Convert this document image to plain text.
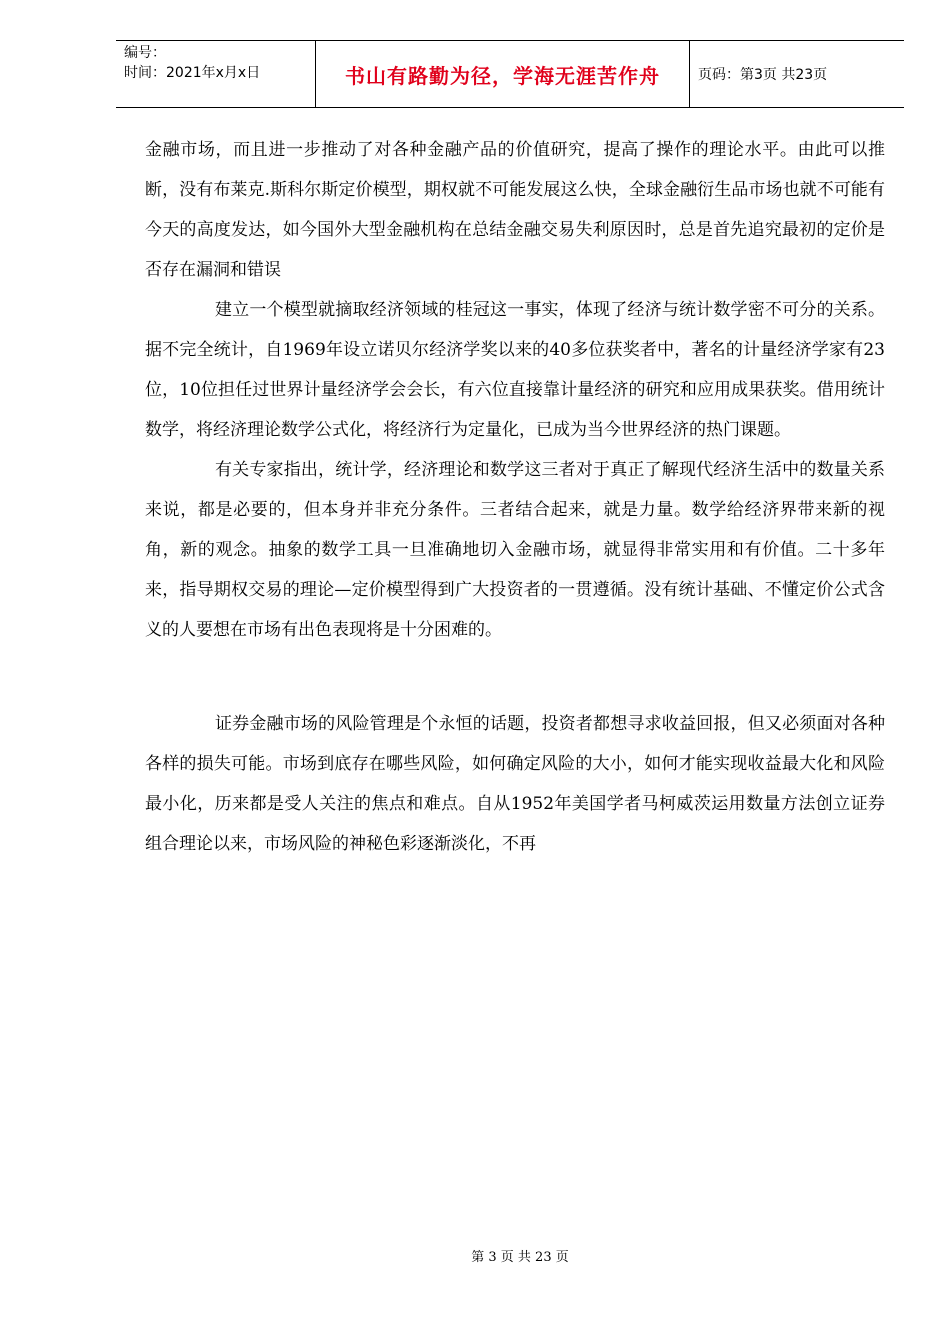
编号：
时间：2021年x月x日	书山有路勤为径，学海无涯苦作舟	页码：第3页 共23页

金融市场，而且进一步推动了对各种金融产品的价值研究，提高了操作的理论水平。由此可以推断，没有布莱克.斯科尔斯定价模型，期权就不可能发展这么快，全球金融衍生品市场也就不可能有今天的高度发达，如今国外大型金融机构在总结金融交易失利原因时，总是首先追究最初的定价是否存在漏洞和错误

建立一个模型就摘取经济领域的桂冠这一事实，体现了经济与统计数学密不可分的关系。据不完全统计，自1969年设立诺贝尔经济学奖以来的40多位获奖者中，著名的计量经济学家有23位，10位担任过世界计量经济学会会长，有六位直接靠计量经济的研究和应用成果获奖。借用统计数学，将经济理论数学公式化，将经济行为定量化，已成为当今世界经济的热门课题。

有关专家指出，统计学，经济理论和数学这三者对于真正了解现代经济生活中的数量关系来说，都是必要的，但本身并非充分条件。三者结合起来，就是力量。数学给经济界带来新的视角，新的观念。抽象的数学工具一旦准确地切入金融市场，就显得非常实用和有价值。二十多年来，指导期权交易的理论—定价模型得到广大投资者的一贯遵循。没有统计基础、不懂定价公式含义的人要想在市场有出色表现将是十分困难的。

证券金融市场的风险管理是个永恒的话题，投资者都想寻求收益回报，但又必须面对各种各样的损失可能。市场到底存在哪些风险，如何确定风险的大小，如何才能实现收益最大化和风险最小化，历来都是受人关注的焦点和难点。自从1952年美国学者马柯威茨运用数量方法创立证券组合理论以来，市场风险的神秘色彩逐渐淡化，不再

第 3 页 共 23 页
